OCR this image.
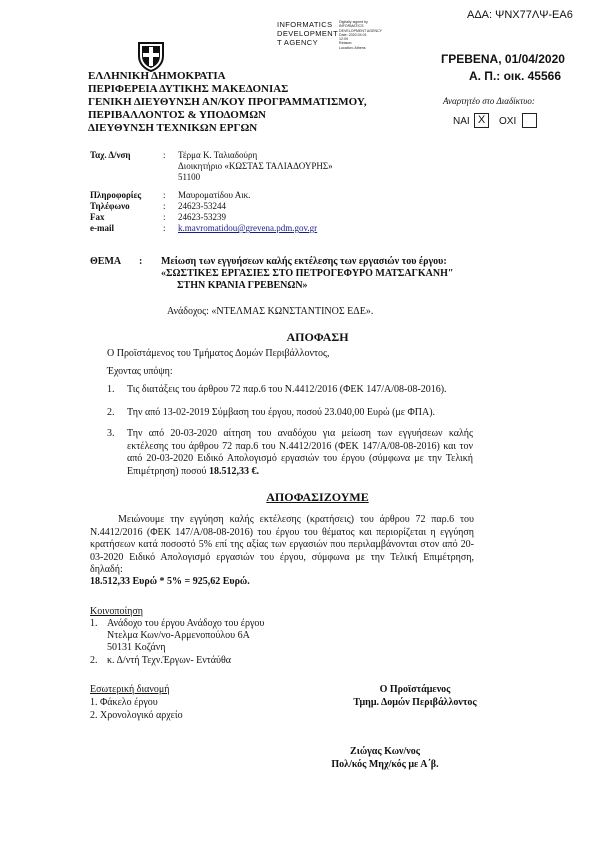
ΑΔΑ: ΨΝΧ77ΛΨ-ΕΑ6
INFORMATICS
DEVELOPMENT
T AGENCY
Digitally signed by
INFORMATICS
DEVELOPMENT AGENCY
Date: 2020.04.01
12:09
Reason:
Location: Athens
ΕΛΛΗΝΙΚΗ ΔΗΜΟΚΡΑΤΙΑ
ΠΕΡΙΦΕΡΕΙΑ ΔΥΤΙΚΗΣ ΜΑΚΕΔΟΝΙΑΣ
ΓΕΝΙΚΗ ΔΙΕΥΘΥΝΣΗ ΑΝ/ΚΟΥ ΠΡΟΓΡΑΜΜΑΤΙΣΜΟΥ,
ΠΕΡΙΒΑΛΛΟΝΤΟΣ & ΥΠΟΔΟΜΩΝ
ΔΙΕΥΘΥΝΣΗ ΤΕΧΝΙΚΩΝ ΕΡΓΩΝ
ΓΡΕΒΕΝΑ, 01/04/2020
Α. Π.: οικ. 45566
Αναρτητέο στο Διαδίκτυο:
ΝΑΙ X	ΟΧΙ
Ταχ. Δ/νση	: Τέρμα Κ. Ταλιαδούρη
Διοικητήριο «ΚΩΣΤΑΣ ΤΑΛΙΑΔΟΥΡΗΣ»
51100
Πληροφορίες : Μαυροματίδου Αικ.
Τηλέφωνο	: 24623-53244
Fax	: 24623-53239
e-mail	: k.mavromatidou@grevena.pdm.gov.gr
ΘΕΜΑ : Μείωση των εγγυήσεων καλής εκτέλεσης των εργασιών του έργου:
«ΣΩΣΤΙΚΕΣ ΕΡΓΑΣΙΕΣ ΣΤΟ ΠΕΤΡΟΓΕΦΥΡΟ ΜΑΤΣΑΓΚΑΝΗ"
ΣΤΗΝ ΚΡΑΝΙΑ ΓΡΕΒΕΝΩΝ»
Ανάδοχος: «ΝΤΕΛΜΑΣ ΚΩΝΣΤΑΝΤΙΝΟΣ ΕΔΕ».
ΑΠΟΦΑΣΗ
Ο Προϊστάμενος του Τμήματος Δομών Περιβάλλοντος,
Έχοντας υπόψη:
1. Τις διατάξεις του άρθρου 72 παρ.6 του Ν.4412/2016 (ΦΕΚ 147/Α/08-08-2016).
2. Την από 13-02-2019 Σύμβαση του έργου, ποσού 23.040,00 Ευρώ (με ΦΠΑ).
3. Την από 20-03-2020 αίτηση του αναδόχου για μείωση των εγγυήσεων καλής εκτέλεσης του άρθρου 72 παρ.6 του Ν.4412/2016 (ΦΕΚ 147/Α/08-08-2016) και τον από 20-03-2020 Ειδικό Απολογισμό εργασιών του έργου (σύμφωνα με την Τελική Επιμέτρηση) ποσού 18.512,33 €.
ΑΠΟΦΑΣΙΖΟΥΜΕ
Μειώνουμε την εγγύηση καλής εκτέλεσης (κρατήσεις) του άρθρου 72 παρ.6 του Ν.4412/2016 (ΦΕΚ 147/Α/08-08-2016) του έργου του θέματος και περιορίζεται η εγγύηση κρατήσεων κατά ποσοστό 5% επί της αξίας των εργασιών που περιλαμβάνονται στον από 20-03-2020 Ειδικό Απολογισμό εργασιών του έργου, σύμφωνα με την Τελική Επιμέτρηση, δηλαδή:
18.512,33 Ευρώ * 5% = 925,62 Ευρώ.
Κοινοποίηση
1. Ανάδοχο του έργου Ανάδοχο του έργου
Ντελμα Κων/νο-Αρμενοπούλου 6Α
50131 Κοζάνη
2. κ. Δ/ντή Τεχν.Έργων- Εντάύθα
Εσωτερική διανομή
1. Φάκελο έργου
2. Χρονολογικό αρχείο
Ο Προϊστάμενος
Τμημ. Δομών Περιβάλλοντος
Ζιώγας Κων/νος
Πολ/κός Μηχ/κός με Α΄β.
